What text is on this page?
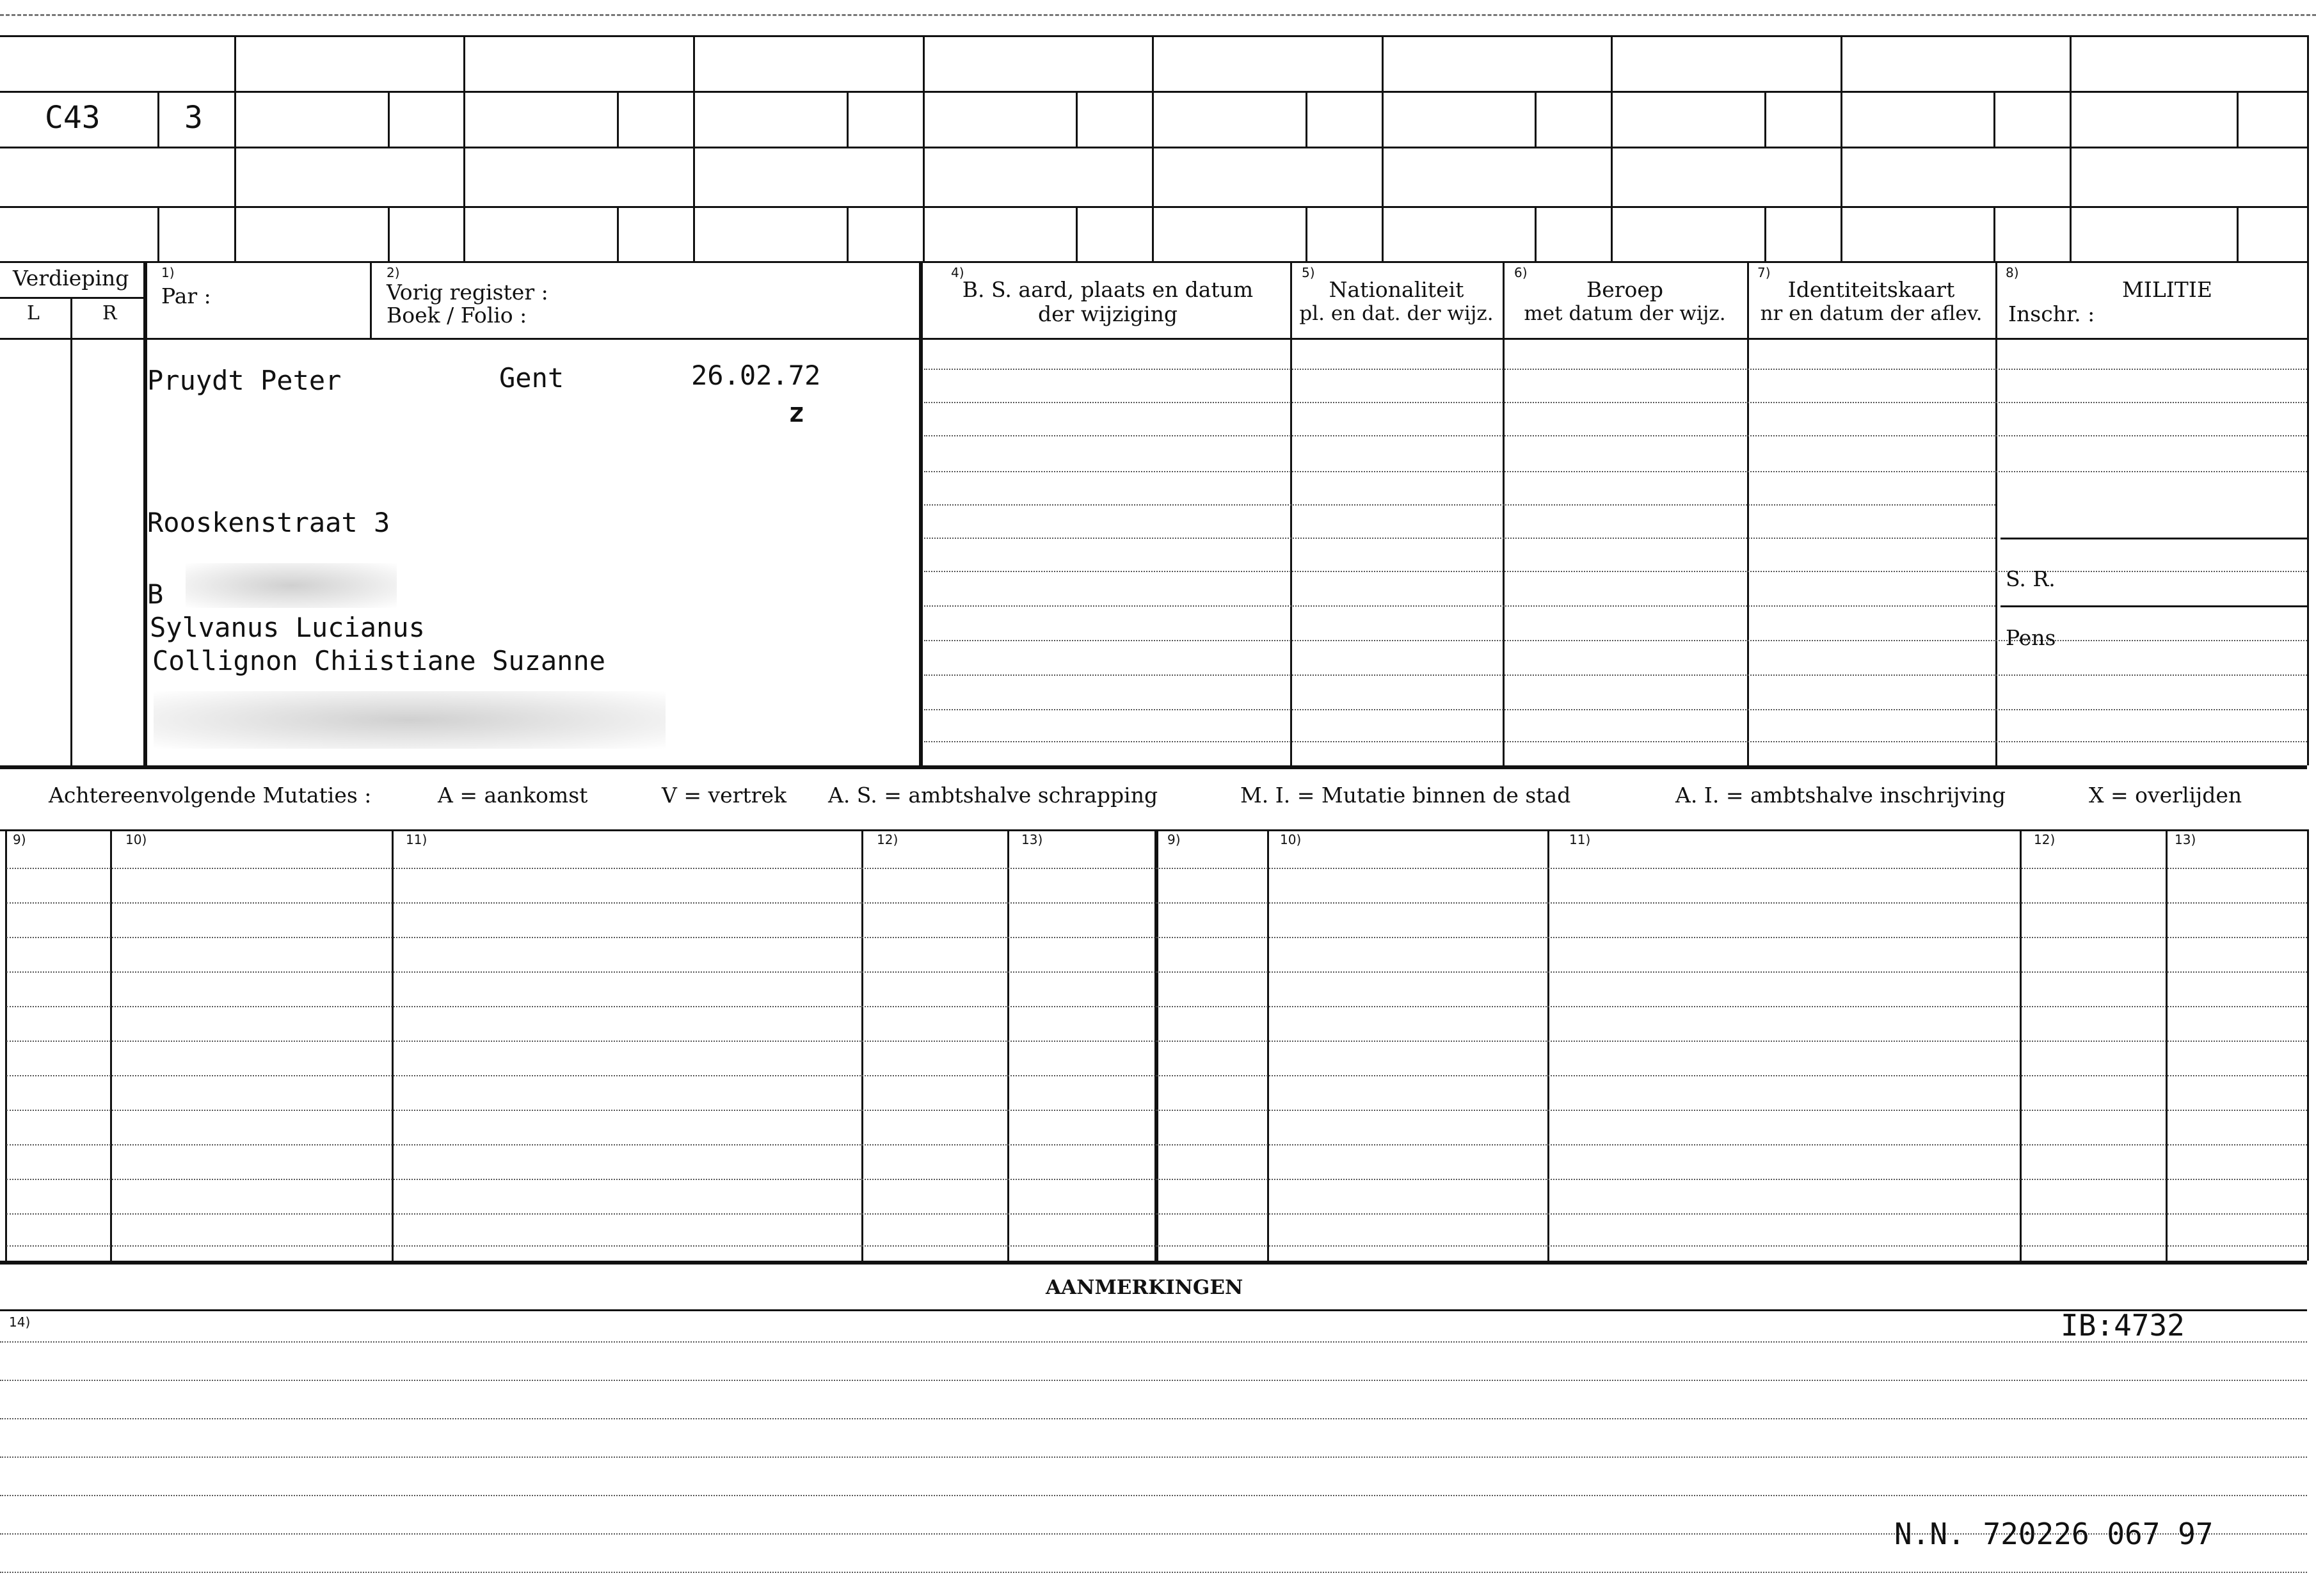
C43	3
Verdieping
L	R
1)
Par :
2)
Vorig register :
Boek / Folio :
4)
B. S. aard, plaats en datum
der wijziging
5)
Nationaliteit
pl. en dat. der wijz.
6)
Beroep
met datum der wijz.
7)
Identiteitskaart
nr en datum der aflev.
8)
MILITIE
Inschr. :
S. R.
Pens
Pruydt Peter	Gent	26.02.72
z
Rooskenstraat 3
B
Sylvanus Lucianus
Collignon Chiistiane Suzanne
Achtereenvolgende Mutaties :	A = aankomst	V = vertrek A. S. = ambtshalve schrapping	M. I. = Mutatie binnen de stad	A. I. = ambtshalve inschrijving	X = overlijden
9)	10)	11)	12)	13)	9)	10)	11)	12)	13)
AANMERKINGEN
14)	IB:4732
N.N. 720226 067 97
